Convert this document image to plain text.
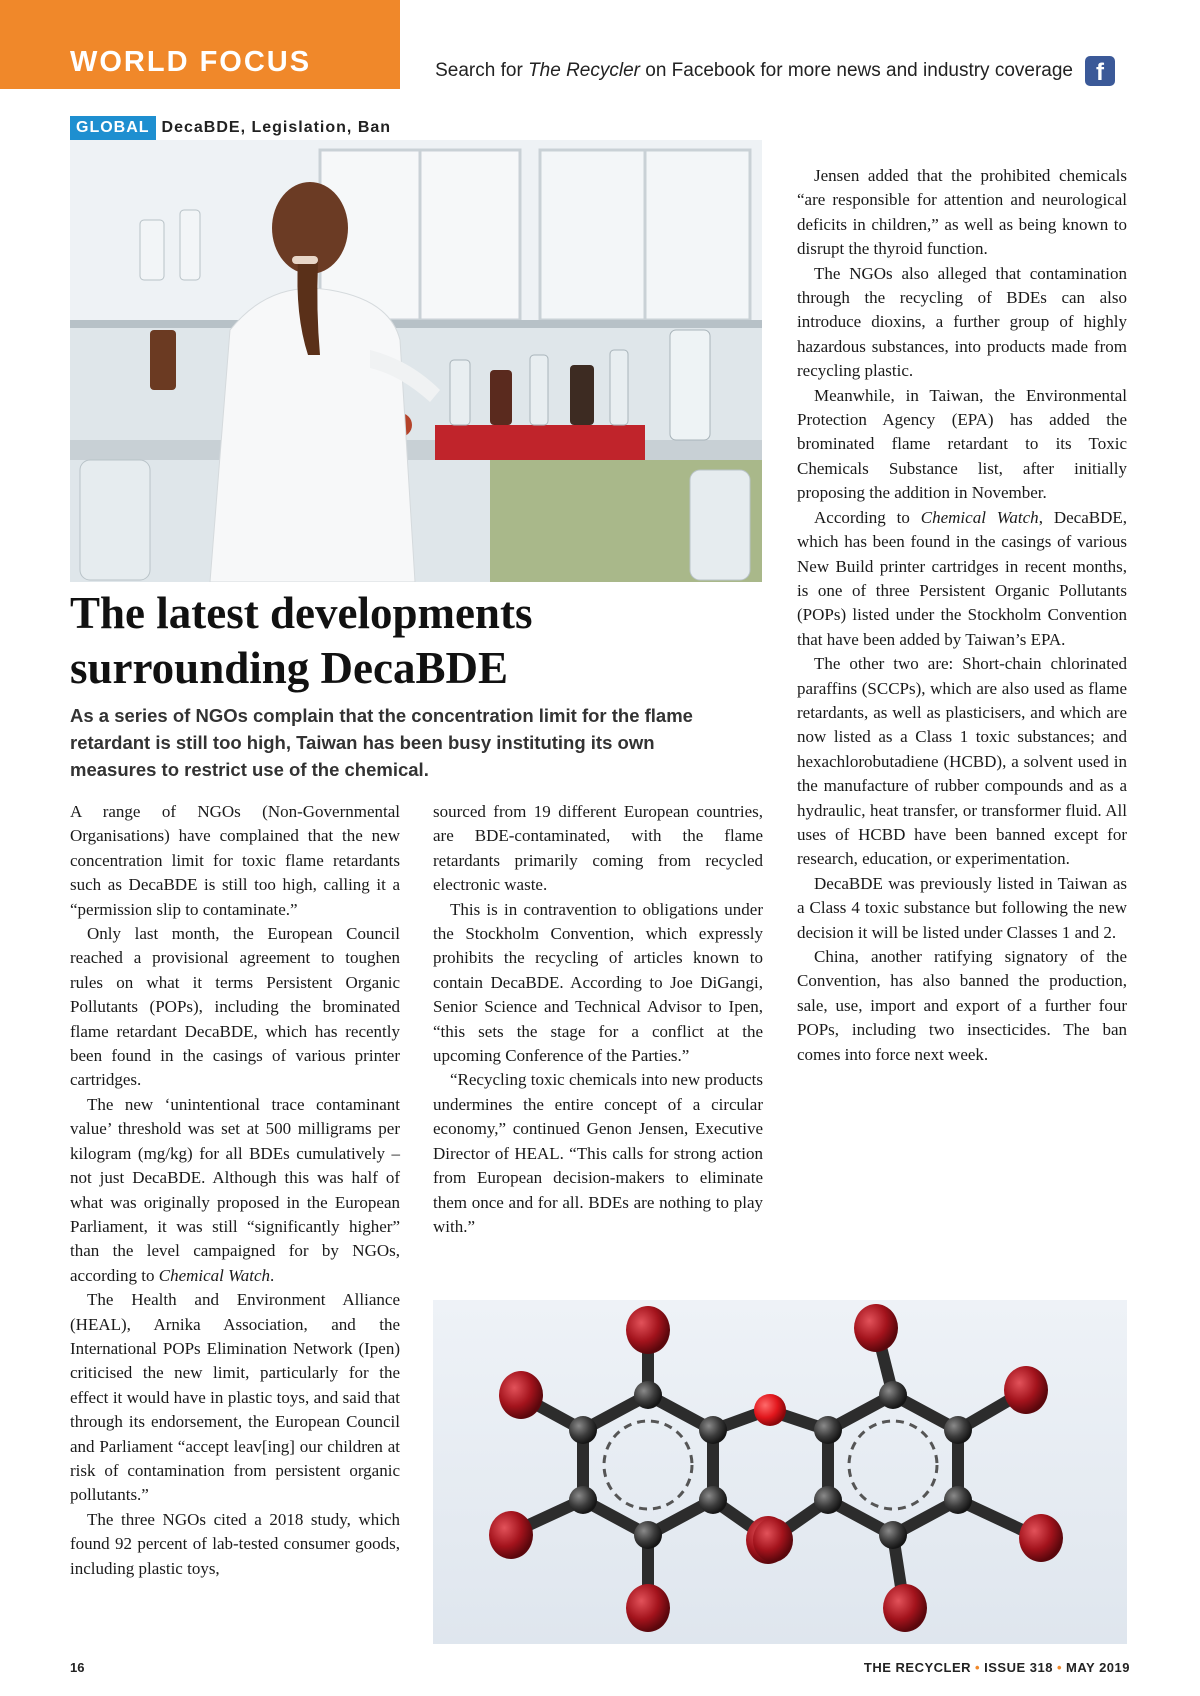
WORLD FOCUS	Search for The Recycler on Facebook for more news and industry coverage f
GLOBAL DecaBDE, Legislation, Ban
The latest developments
surrounding DecaBDE

As a series of NGOs complain that the concentration limit for the flame retardant is still too high, Taiwan has been busy instituting its own measures to restrict use of the chemical.

A range of NGOs (Non-Governmental Organisations) have complained that the new concentration limit for toxic flame retardants such as DecaBDE is still too high, calling it a “permission slip to contaminate.”

Only last month, the European Council reached a provisional agreement to toughen rules on what it terms Persistent Organic Pollutants (POPs), including the brominated flame retardant DecaBDE, which has recently been found in the casings of various printer cartridges.

The new ‘unintentional trace contaminant value’ threshold was set at 500 milligrams per kilogram (mg/kg) for all BDEs cumulatively – not just DecaBDE. Although this was half of what was originally proposed in the European Parliament, it was still “significantly higher” than the level campaigned for by NGOs, according to Chemical Watch.

The Health and Environment Alliance (HEAL), Arnika Association, and the International POPs Elimination Network (Ipen) criticised the new limit, particularly for the effect it would have in plastic toys, and said that through its endorsement, the European Council and Parliament “accept leav[ing] our children at risk of contamination from persistent organic pollutants.”

The three NGOs cited a 2018 study, which found 92 percent of lab-tested consumer goods, including plastic toys,

sourced from 19 different European countries, are BDE-contaminated, with the flame retardants primarily coming from recycled electronic waste.

This is in contravention to obligations under the Stockholm Convention, which expressly prohibits the recycling of articles known to contain DecaBDE. According to Joe DiGangi, Senior Science and Technical Advisor to Ipen, “this sets the stage for a conflict at the upcoming Conference of the Parties.”

“Recycling toxic chemicals into new products undermines the entire concept of a circular economy,” continued Genon Jensen, Executive Director of HEAL. “This calls for strong action from European decision-makers to eliminate them once and for all. BDEs are nothing to play with.”

Jensen added that the prohibited chemicals “are responsible for attention and neurological deficits in children,” as well as being known to disrupt the thyroid function.

The NGOs also alleged that contamination through the recycling of BDEs can also introduce dioxins, a further group of highly hazardous substances, into products made from recycling plastic.

Meanwhile, in Taiwan, the Environmental Protection Agency (EPA) has added the brominated flame retardant to its Toxic Chemicals Substance list, after initially proposing the addition in November.

According to Chemical Watch, DecaBDE, which has been found in the casings of various New Build printer cartridges in recent months, is one of three Persistent Organic Pollutants (POPs) listed under the Stockholm Convention that have been added by Taiwan’s EPA.

The other two are: Short-chain chlorinated paraffins (SCCPs), which are also used as flame retardants, as well as plasticisers, and which are now listed as a Class 1 toxic substances; and hexachlorobutadiene (HCBD), a solvent used in the manufacture of rubber compounds and as a hydraulic, heat transfer, or transformer fluid. All uses of HCBD have been banned except for research, education, or experimentation.

DecaBDE was previously listed in Taiwan as a Class 4 toxic substance but following the new decision it will be listed under Classes 1 and 2.

China, another ratifying signatory of the Convention, has also banned the production, sale, use, import and export of a further four POPs, including two insecticides. The ban comes into force next week.

16	THE RECYCLER • ISSUE 318 • MAY 2019
